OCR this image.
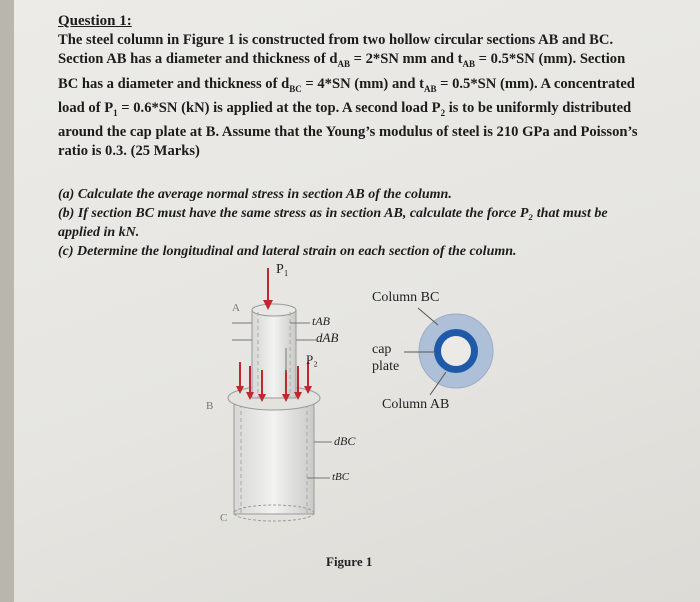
Question 1:

The steel column in Figure 1 is constructed from two hollow circular sections AB and BC.
Section AB has a diameter and thickness of $d_{AB} = 2*SN$ mm and $t_{AB} = 0.5*SN$ (mm). Section
BC has a diameter and thickness of $d_{BC} = 4*SN$ (mm) and $t_{AB} = 0.5*SN$ (mm). A concentrated
load of $P_1 = 0.6*SN$ (kN) is applied at the top. A second load $P_2$ is to be uniformly distributed
around the cap plate at B. Assume that the Young’s modulus of steel is 210 GPa and Poisson’s
ratio is 0.3. (25 Marks)

(a) Calculate the average normal stress in section AB of the column.

(b) If section BC must have the same stress as in section AB, calculate the force P₂ that must be applied in kN.

(c) Determine the longitudinal and lateral strain on each section of the column.

P₁
A
tAB
dAB
P₂
B
dBC
tBC
C
Column BC
cap
plate
Column AB
Figure 1
